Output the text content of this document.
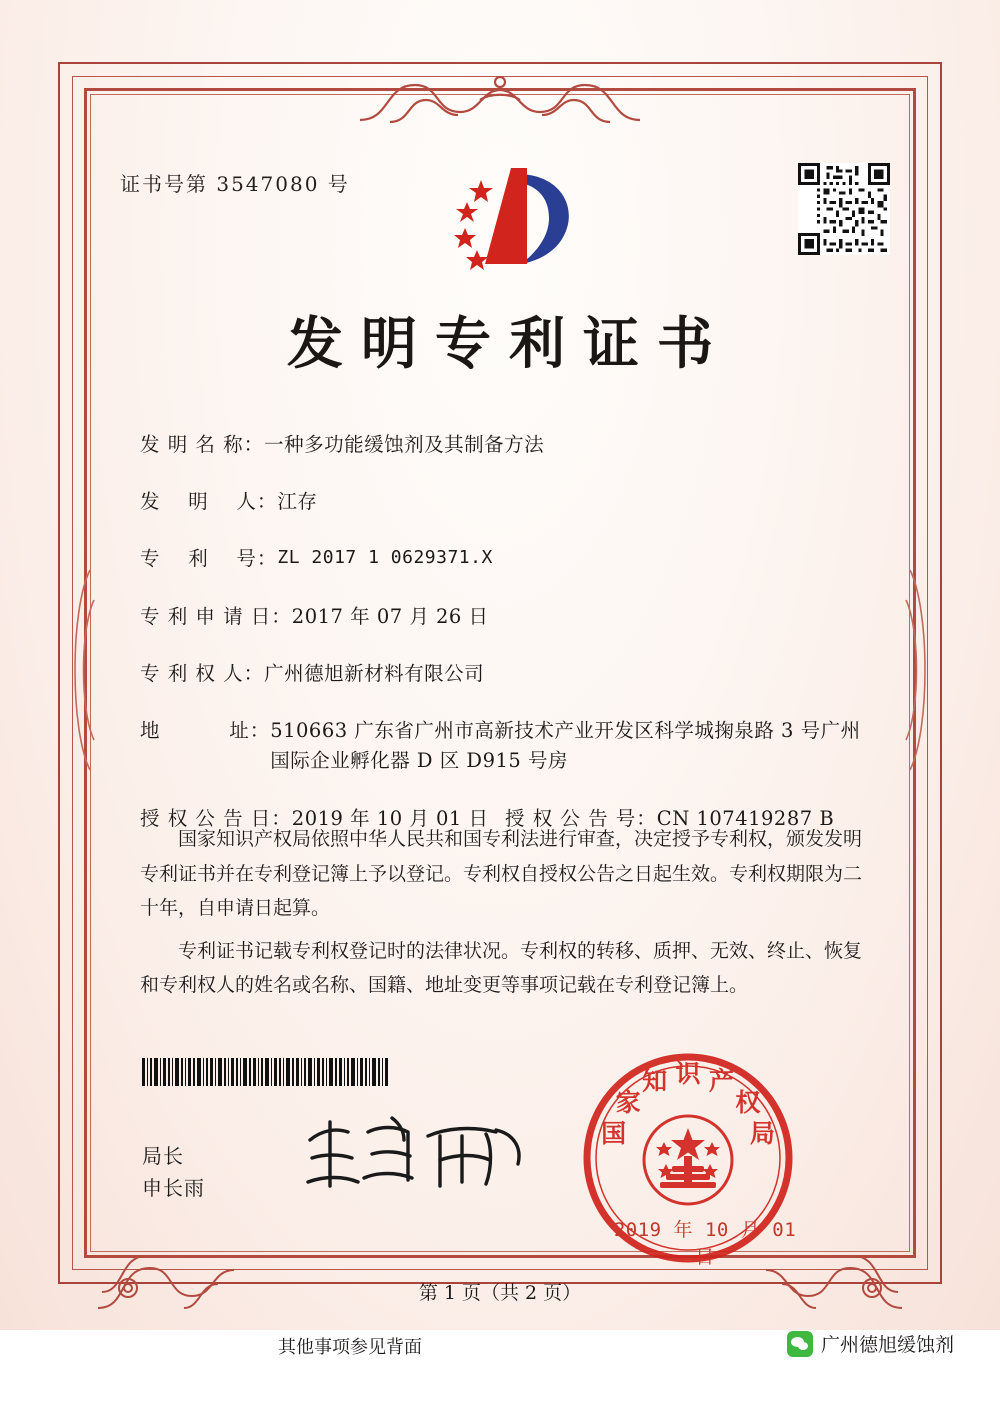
证书号第 3547080 号
发明专利证书
发 明 名 称： 一种多功能缓蚀剂及其制备方法
发　 明　 人： 江存
专　 利　 号： ZL 2017 1 0629371.X
专 利 申 请 日： 2017 年 07 月 26 日
专 利 权 人： 广州德旭新材料有限公司
地　　　 址： 510663 广东省广州市高新技术产业开发区科学城掬泉路 3 号广州国际企业孵化器 D 区 D915 号房
授 权 公 告 日： 2019 年 10 月 01 日 授 权 公 告 号： CN 107419287 B

国家知识产权局依照中华人民共和国专利法进行审查，决定授予专利权，颁发发明专利证书并在专利登记簿上予以登记。专利权自授权公告之日起生效。专利权期限为二十年，自申请日起算。

专利证书记载专利权登记时的法律状况。专利权的转移、质押、无效、终止、恢复和专利权人的姓名或名称、国籍、地址变更等事项记载在专利登记簿上。

局长
申长雨
国
家
知 识 产
权
局
2019 年 10 月 01 日
第 1 页（共 2 页）
其他事项参见背面	广州德旭缓蚀剂
